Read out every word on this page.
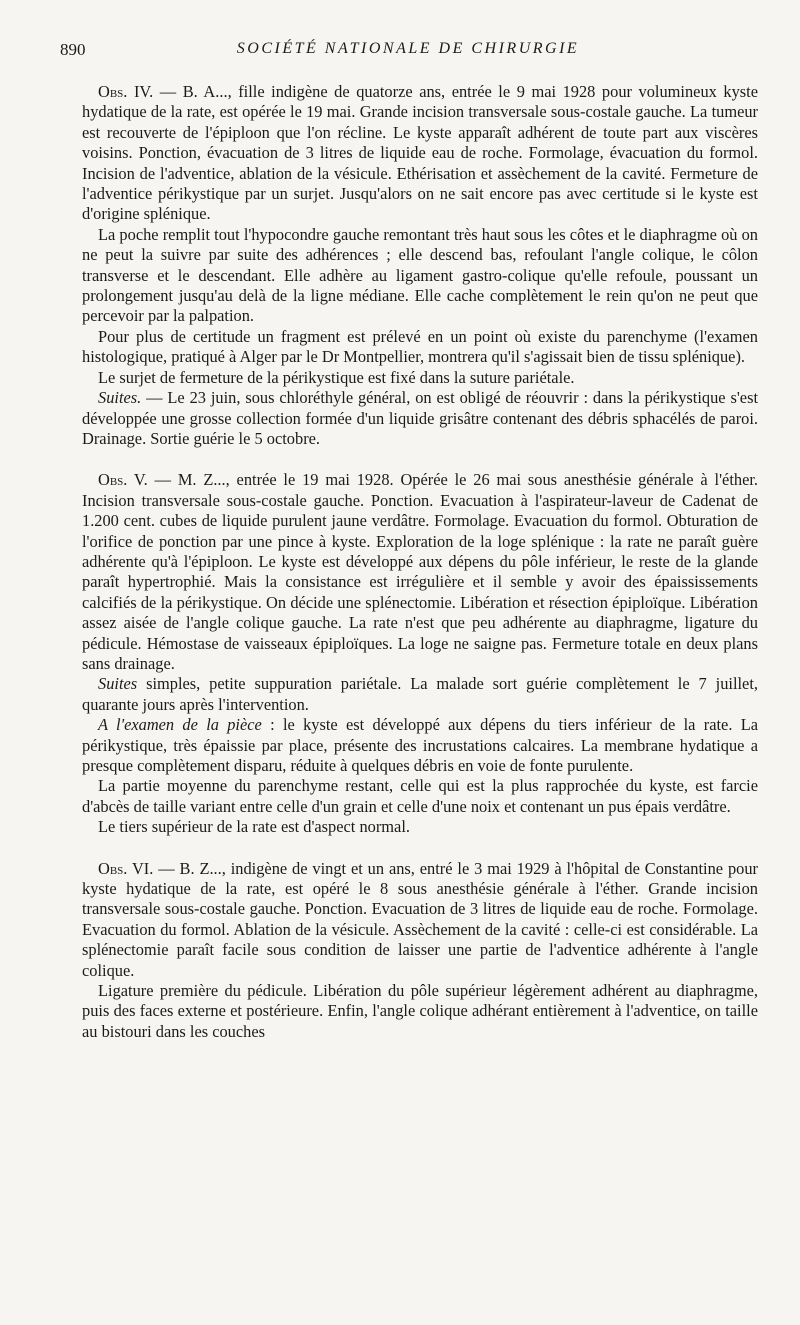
890	SOCIÉTÉ NATIONALE DE CHIRURGIE

Obs. IV. — B. A..., fille indigène de quatorze ans, entrée le 9 mai 1928 pour volumineux kyste hydatique de la rate, est opérée le 19 mai. Grande incision transversale sous-costale gauche. La tumeur est recouverte de l'épiploon que l'on récline. Le kyste apparaît adhérent de toute part aux viscères voisins. Ponction, évacuation de 3 litres de liquide eau de roche. Formolage, évacuation du formol. Incision de l'adventice, ablation de la vésicule. Ethérisation et assèchement de la cavité. Fermeture de l'adventice périkystique par un surjet. Jusqu'alors on ne sait encore pas avec certitude si le kyste est d'origine splénique.

La poche remplit tout l'hypocondre gauche remontant très haut sous les côtes et le diaphragme où on ne peut la suivre par suite des adhérences ; elle descend bas, refoulant l'angle colique, le côlon transverse et le descendant. Elle adhère au ligament gastro-colique qu'elle refoule, poussant un prolongement jusqu'au delà de la ligne médiane. Elle cache complètement le rein qu'on ne peut que percevoir par la palpation.

Pour plus de certitude un fragment est prélevé en un point où existe du parenchyme (l'examen histologique, pratiqué à Alger par le Dr Montpellier, montrera qu'il s'agissait bien de tissu splénique).

Le surjet de fermeture de la périkystique est fixé dans la suture pariétale.

Suites. — Le 23 juin, sous chloréthyle général, on est obligé de réouvrir : dans la périkystique s'est développée une grosse collection formée d'un liquide grisâtre contenant des débris sphacélés de paroi. Drainage. Sortie guérie le 5 octobre.

Obs. V. — M. Z..., entrée le 19 mai 1928. Opérée le 26 mai sous anesthésie générale à l'éther. Incision transversale sous-costale gauche. Ponction. Evacuation à l'aspirateur-laveur de Cadenat de 1.200 cent. cubes de liquide purulent jaune verdâtre. Formolage. Evacuation du formol. Obturation de l'orifice de ponction par une pince à kyste. Exploration de la loge splénique : la rate ne paraît guère adhérente qu'à l'épiploon. Le kyste est développé aux dépens du pôle inférieur, le reste de la glande paraît hypertrophié. Mais la consistance est irrégulière et il semble y avoir des épaississements calcifiés de la périkystique. On décide une splénectomie. Libération et résection épiploïque. Libération assez aisée de l'angle colique gauche. La rate n'est que peu adhérente au diaphragme, ligature du pédicule. Hémostase de vaisseaux épiploïques. La loge ne saigne pas. Fermeture totale en deux plans sans drainage.

Suites simples, petite suppuration pariétale. La malade sort guérie complètement le 7 juillet, quarante jours après l'intervention.

A l'examen de la pièce : le kyste est développé aux dépens du tiers inférieur de la rate. La périkystique, très épaissie par place, présente des incrustations calcaires. La membrane hydatique a presque complètement disparu, réduite à quelques débris en voie de fonte purulente.

La partie moyenne du parenchyme restant, celle qui est la plus rapprochée du kyste, est farcie d'abcès de taille variant entre celle d'un grain et celle d'une noix et contenant un pus épais verdâtre.

Le tiers supérieur de la rate est d'aspect normal.

Obs. VI. — B. Z..., indigène de vingt et un ans, entré le 3 mai 1929 à l'hôpital de Constantine pour kyste hydatique de la rate, est opéré le 8 sous anesthésie générale à l'éther. Grande incision transversale sous-costale gauche. Ponction. Evacuation de 3 litres de liquide eau de roche. Formolage. Evacuation du formol. Ablation de la vésicule. Assèchement de la cavité : celle-ci est considérable. La splénectomie paraît facile sous condition de laisser une partie de l'adventice adhérente à l'angle colique.

Ligature première du pédicule. Libération du pôle supérieur légèrement adhérent au diaphragme, puis des faces externe et postérieure. Enfin, l'angle colique adhérant entièrement à l'adventice, on taille au bistouri dans les couches
